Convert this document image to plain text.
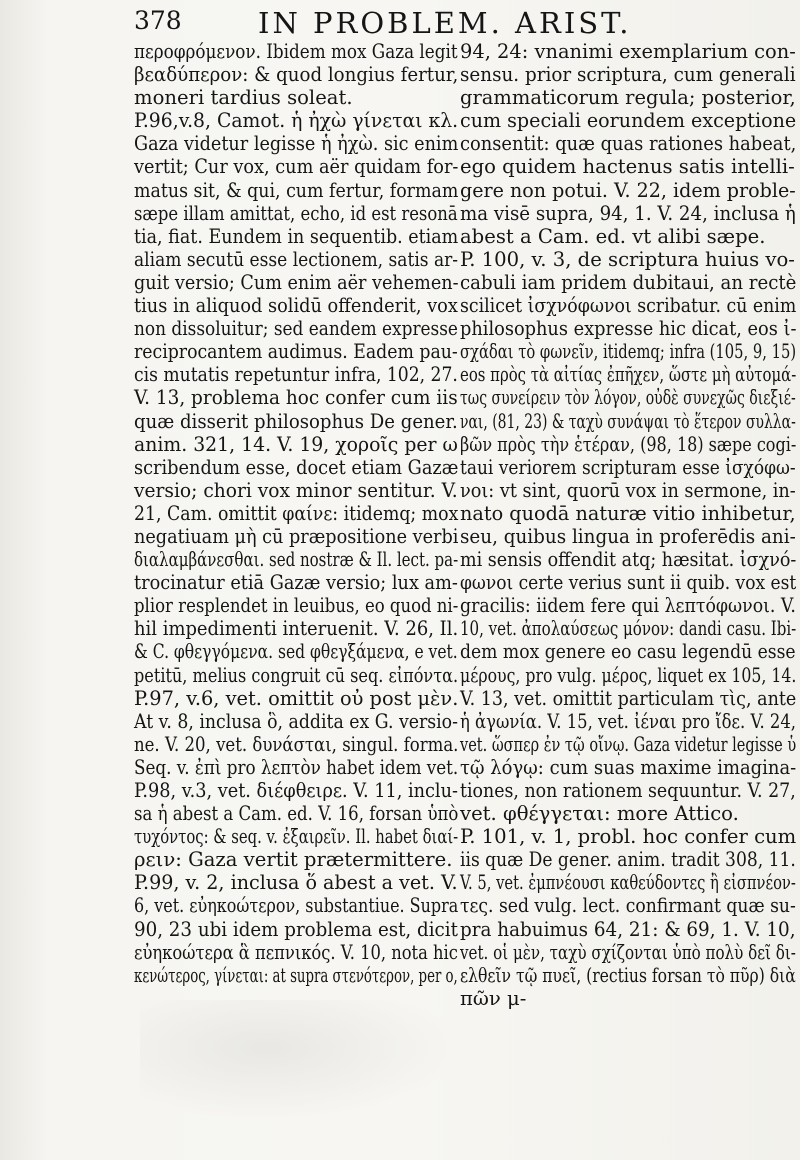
378	IN PROBLEM. ARIST.
περοφρόμενον. Ibidem mox Gaza legit
βεαδύπερον: & quod longius fertur,
moneri tardius soleat.
P.96,v.8, Camot. ἡ ἠχὼ γίνεται κλ.
Gaza videtur legisse ἡ ἠχὼ. sic enim
vertit; Cur vox, cum aër quidam for-
matus sit, & qui, cum fertur, formam
sæpe illam amittat, echo, id est resonā
tia, fiat. Eundem in sequentib. etiam
aliam secutū esse lectionem, satis ar-
guit versio; Cum enim aër vehemen-
tius in aliquod solidū offenderit, vox
non dissoluitur; sed eandem expresse
reciprocantem audimus. Eadem pau-
cis mutatis repetuntur infra, 102, 27.
V. 13, problema hoc confer cum iis
quæ disserit philosophus De gener.
anim. 321, 14. V. 19, χοροῖς per ω
scribendum esse, docet etiam Gazæ
versio; chori vox minor sentitur. V.
21, Cam. omittit φαίνε: itidemq; mox
negatiuam μὴ cū præpositione verbi
διαλαμβάνεσθαι. sed nostræ & Il. lect. pa-
trocinatur etiā Gazæ versio; lux am-
plior resplendet in leuibus, eo quod ni-
hil impedimenti interuenit. V. 26, Il.
& C. φθεγγόμενα. sed φθεγξάμενα, e vet.
petitū, melius congruit cū seq. εἰπόντα.
P.97, v.6, vet. omittit οὐ post μὲν.
At v. 8, inclusa ὃ, addita ex G. versio-
ne. V. 20, vet. δυνάσται, singul. forma.
Seq. v. ἐπὶ pro λεπτὸν habet idem vet.
P.98, v.3, vet. διέφθειρε. V. 11, inclu-
sa ἡ abest a Cam. ed. V. 16, forsan ὑπὸ
τυχόντος: & seq. v. ἐξαιρεῖν. Il. habet διαί-
ρειν: Gaza vertit prætermittere.
P.99, v. 2, inclusa ὅ abest a vet. V.
6, vet. εὐηκοώτερον, substantiue. Supra
90, 23 ubi idem problema est, dicit
εὐηκοώτερα ἃ πεπνικός. V. 10, nota hic
κενώτερος, γίνεται: at supra στενότερον, per o,
94, 24: vnanimi exemplarium con-
sensu. prior scriptura, cum generali
grammaticorum regula; posterior,
cum speciali eorundem exceptione
consentit: quæ quas rationes habeat,
ego quidem hactenus satis intelli-
gere non potui. V. 22, idem proble-
ma visē supra, 94, 1. V. 24, inclusa ἡ
abest a Cam. ed. vt alibi sæpe.
P. 100, v. 3, de scriptura huius vo-
cabuli iam pridem dubitaui, an rectè
scilicet ἰσχνόφωνοι scribatur. cū enim
philosophus expresse hic dicat, eos ἰ-
σχάδαι τὸ φωνεῖν, itidemq; infra (105, 9, 15)
eos πρὸς τὰ αἰτίας ἐπῆχεν, ὥστε μὴ αὐτομά-
τως συνείρειν τὸν λόγον, οὐδὲ συνεχῶς διεξιέ-
ναι, (81, 23) & ταχὺ συνάψαι τὸ ἕτερον συλλα-
βῶν πρὸς τὴν ἑτέραν, (98, 18) sæpe cogi-
taui veriorem scripturam esse ἰσχόφω-
νοι: vt sint, quorū vox in sermone, in-
nato quodā naturæ vitio inhibetur,
seu, quibus lingua in proferēdis ani-
mi sensis offendit atq; hæsitat. ἰσχνό-
φωνοι certe verius sunt ii quib. vox est
gracilis: iidem fere qui λεπτόφωνοι. V.
10, vet. ἀπολαύσεως μόνον: dandi casu. Ibi-
dem mox genere eo casu legendū esse
μέρους, pro vulg. μέρος, liquet ex 105, 14.
V. 13, vet. omittit particulam τὶς, ante
ἡ ἀγωνία. V. 15, vet. ἰέναι pro ἴδε. V. 24,
vet. ὥσπερ ἐν τῷ οἴνῳ. Gaza videtur legisse ὑ
τῷ λόγῳ: cum suas maxime imagina-
tiones, non rationem sequuntur. V. 27,
vet. φθέγγεται: more Attico.
P. 101, v. 1, probl. hoc confer cum
iis quæ De gener. anim. tradit 308, 11.
V. 5, vet. ἐμπνέουσι καθεύδοντες ἢ εἰσπνέον-
τες. sed vulg. lect. confirmant quæ su-
pra habuimus 64, 21: & 69, 1. V. 10,
vet. οἱ μὲν, ταχὺ σχίζονται ὑπὸ πολὺ δεῖ δι-
ελθεῖν τῷ πυεῖ, (rectius forsan τὸ πῦρ) διὰ
πῶν μ-
